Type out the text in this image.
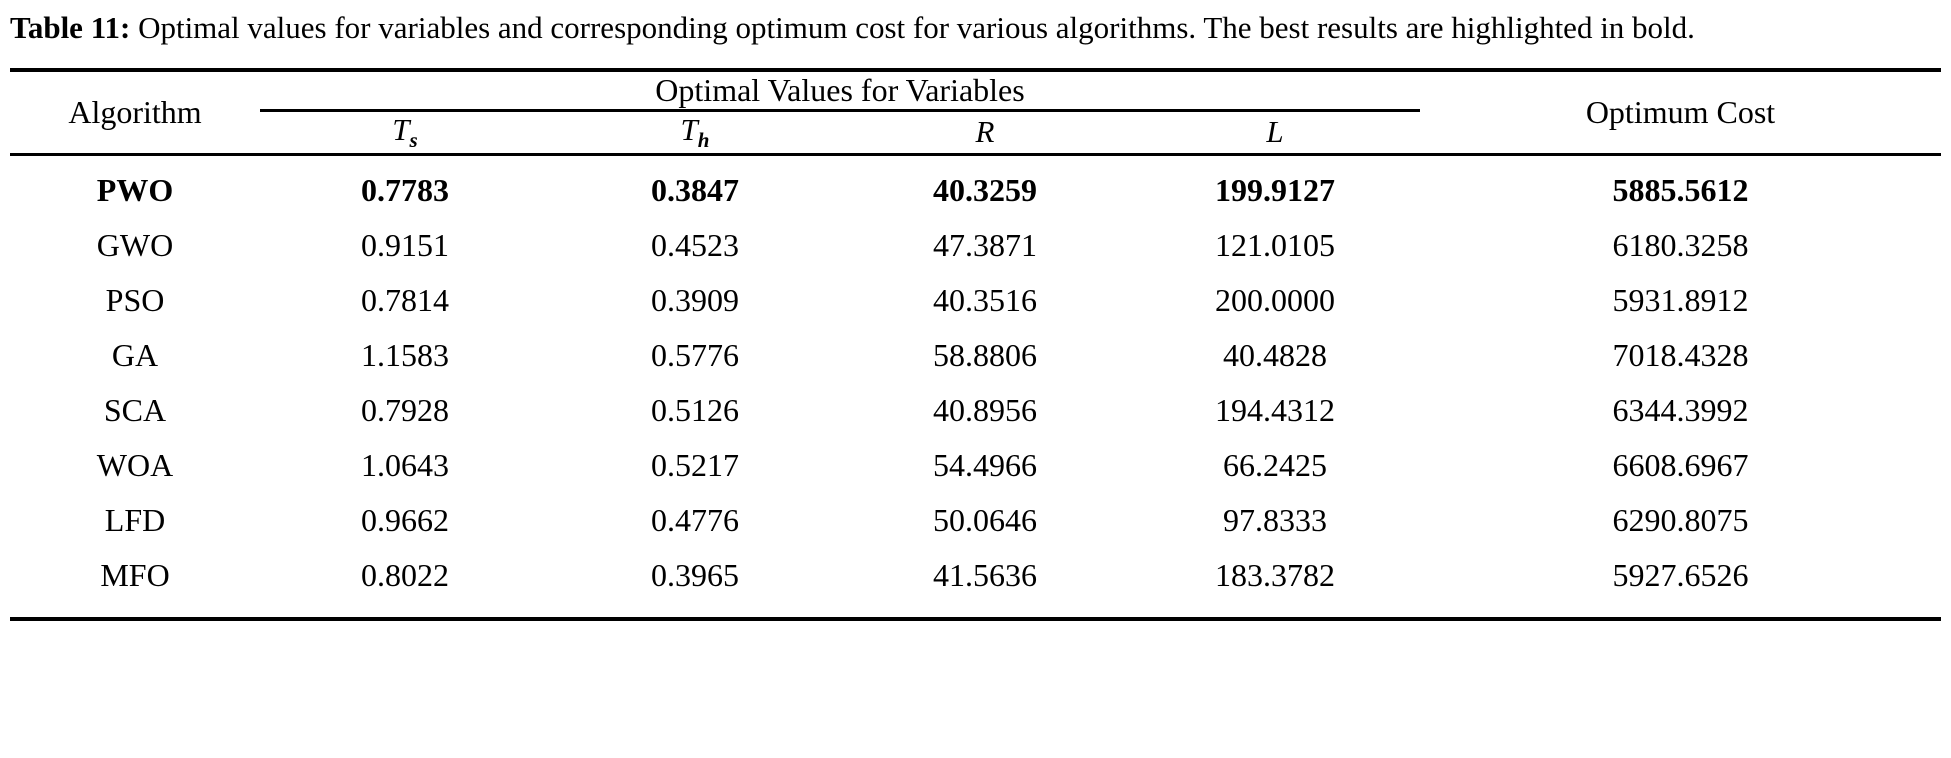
Table 11: Optimal values for variables and corresponding optimum cost for various algorithms. The best results are highlighted in bold.

Algorithm	Optimal Values for Variables				Optimum Cost

	$T_s$	$T_h$	R	L	

PWO	0.7783	0.3847	40.3259	199.9127	5885.5612
GWO	0.9151	0.4523	47.3871	121.0105	6180.3258
PSO	0.7814	0.3909	40.3516	200.0000	5931.8912
GA	1.1583	0.5776	58.8806	40.4828	7018.4328
SCA	0.7928	0.5126	40.8956	194.4312	6344.3992
WOA	1.0643	0.5217	54.4966	66.2425	6608.6967
LFD	0.9662	0.4776	50.0646	97.8333	6290.8075
MFO	0.8022	0.3965	41.5636	183.3782	5927.6526
